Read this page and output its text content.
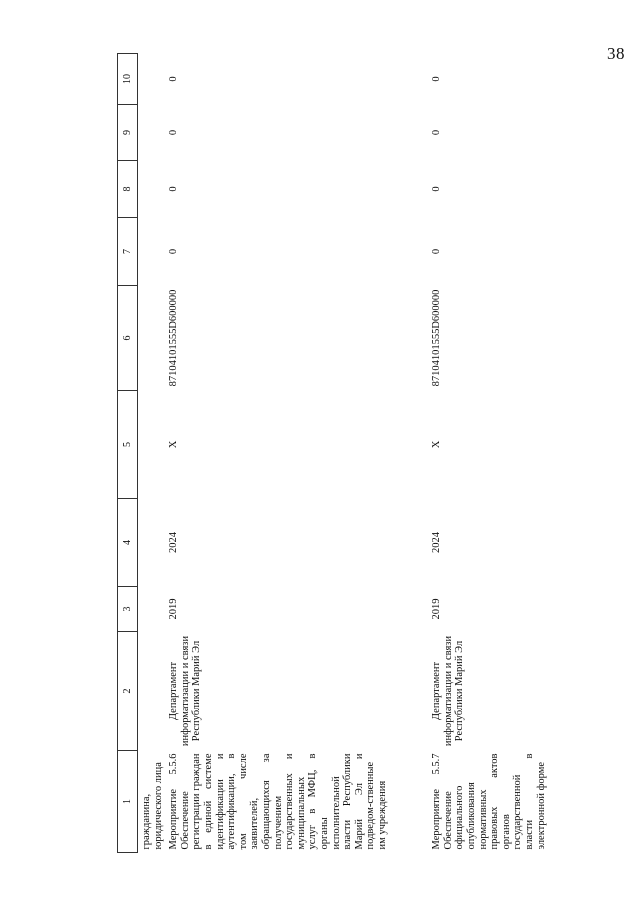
38
1	2	3	4	5	6	7	8	9	10
гражданина, юридического лица									
Мероприятие 5.5.6 Обеспечение регистрации граждан в единой системе идентификации и аутентификации, в том числе заявителей, обращающихся за получением государственных и муниципальных услуг в МФЦ, в органы исполнительной власти Республики Марий Эл и подведом-ственные им учреждения	Департамент информатизации и связи Республики Марий Эл	2019	2024	Х	87104101555D600000	0	0	0	0
Мероприятие 5.5.7 Обеспечение официального опубликования нормативных правовых актов органов государственной власти в электронной форме	Департамент информатизации и связи Республики Марий Эл	2019	2024	Х	87104101555D600000	0	0	0	0
